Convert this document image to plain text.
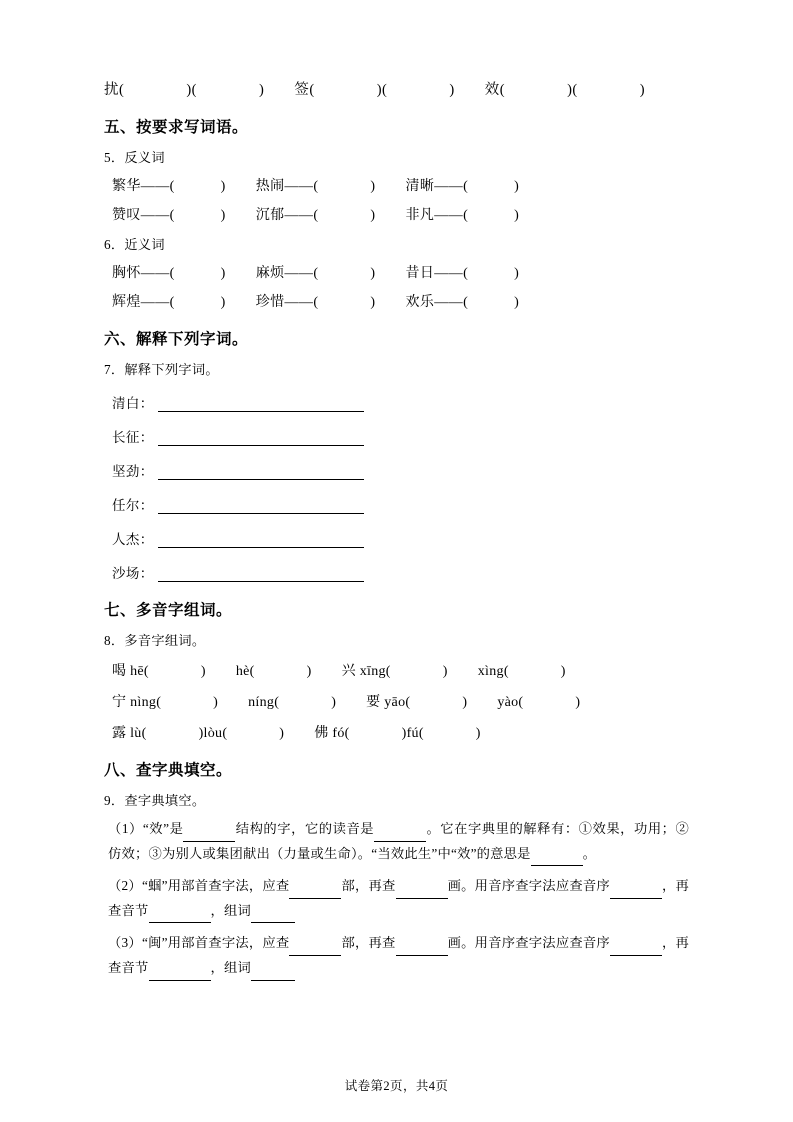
扰(	)(	) 签(	)(	) 效(	)(	)
五、按要求写词语。
5．反义词
繁华——(	) 热闹——(	) 清晰——(	)
赞叹——(	) 沉郁——(	) 非凡——(	)
6．近义词
胸怀——(	) 麻烦——(	) 昔日——(	)
辉煌——(	) 珍惜——(	) 欢乐——(	)
六、解释下列字词。
7．解释下列字词。
清白：
长征：
坚劲：
任尔：
人杰：
沙场：
七、多音字组词。
8．多音字组词。
喝 hē(	) hè(	) 兴 xīng(	) xìng(	)
宁 nìng(	) níng(	) 要 yāo(	) yào(	)
露 lù(	)lòu(	) 佛 fó(	)fú(	)
八、查字典填空。
9．查字典填空。
（1）“效”是	结构的字，它的读音是	。它在字典里的解释有：①效果，功用；②仿效；③为别人或集团献出（力量或生命）。“当效此生”中“效”的意思是	。
（2）“蝈”用部首查字法，应查	部，再查	画。用音序查字法应查音序	，再查音节	，组词
（3）“闽”用部首查字法，应查	部，再查	画。用音序查字法应查音序	，再查音节	，组词
试卷第2页，共4页
